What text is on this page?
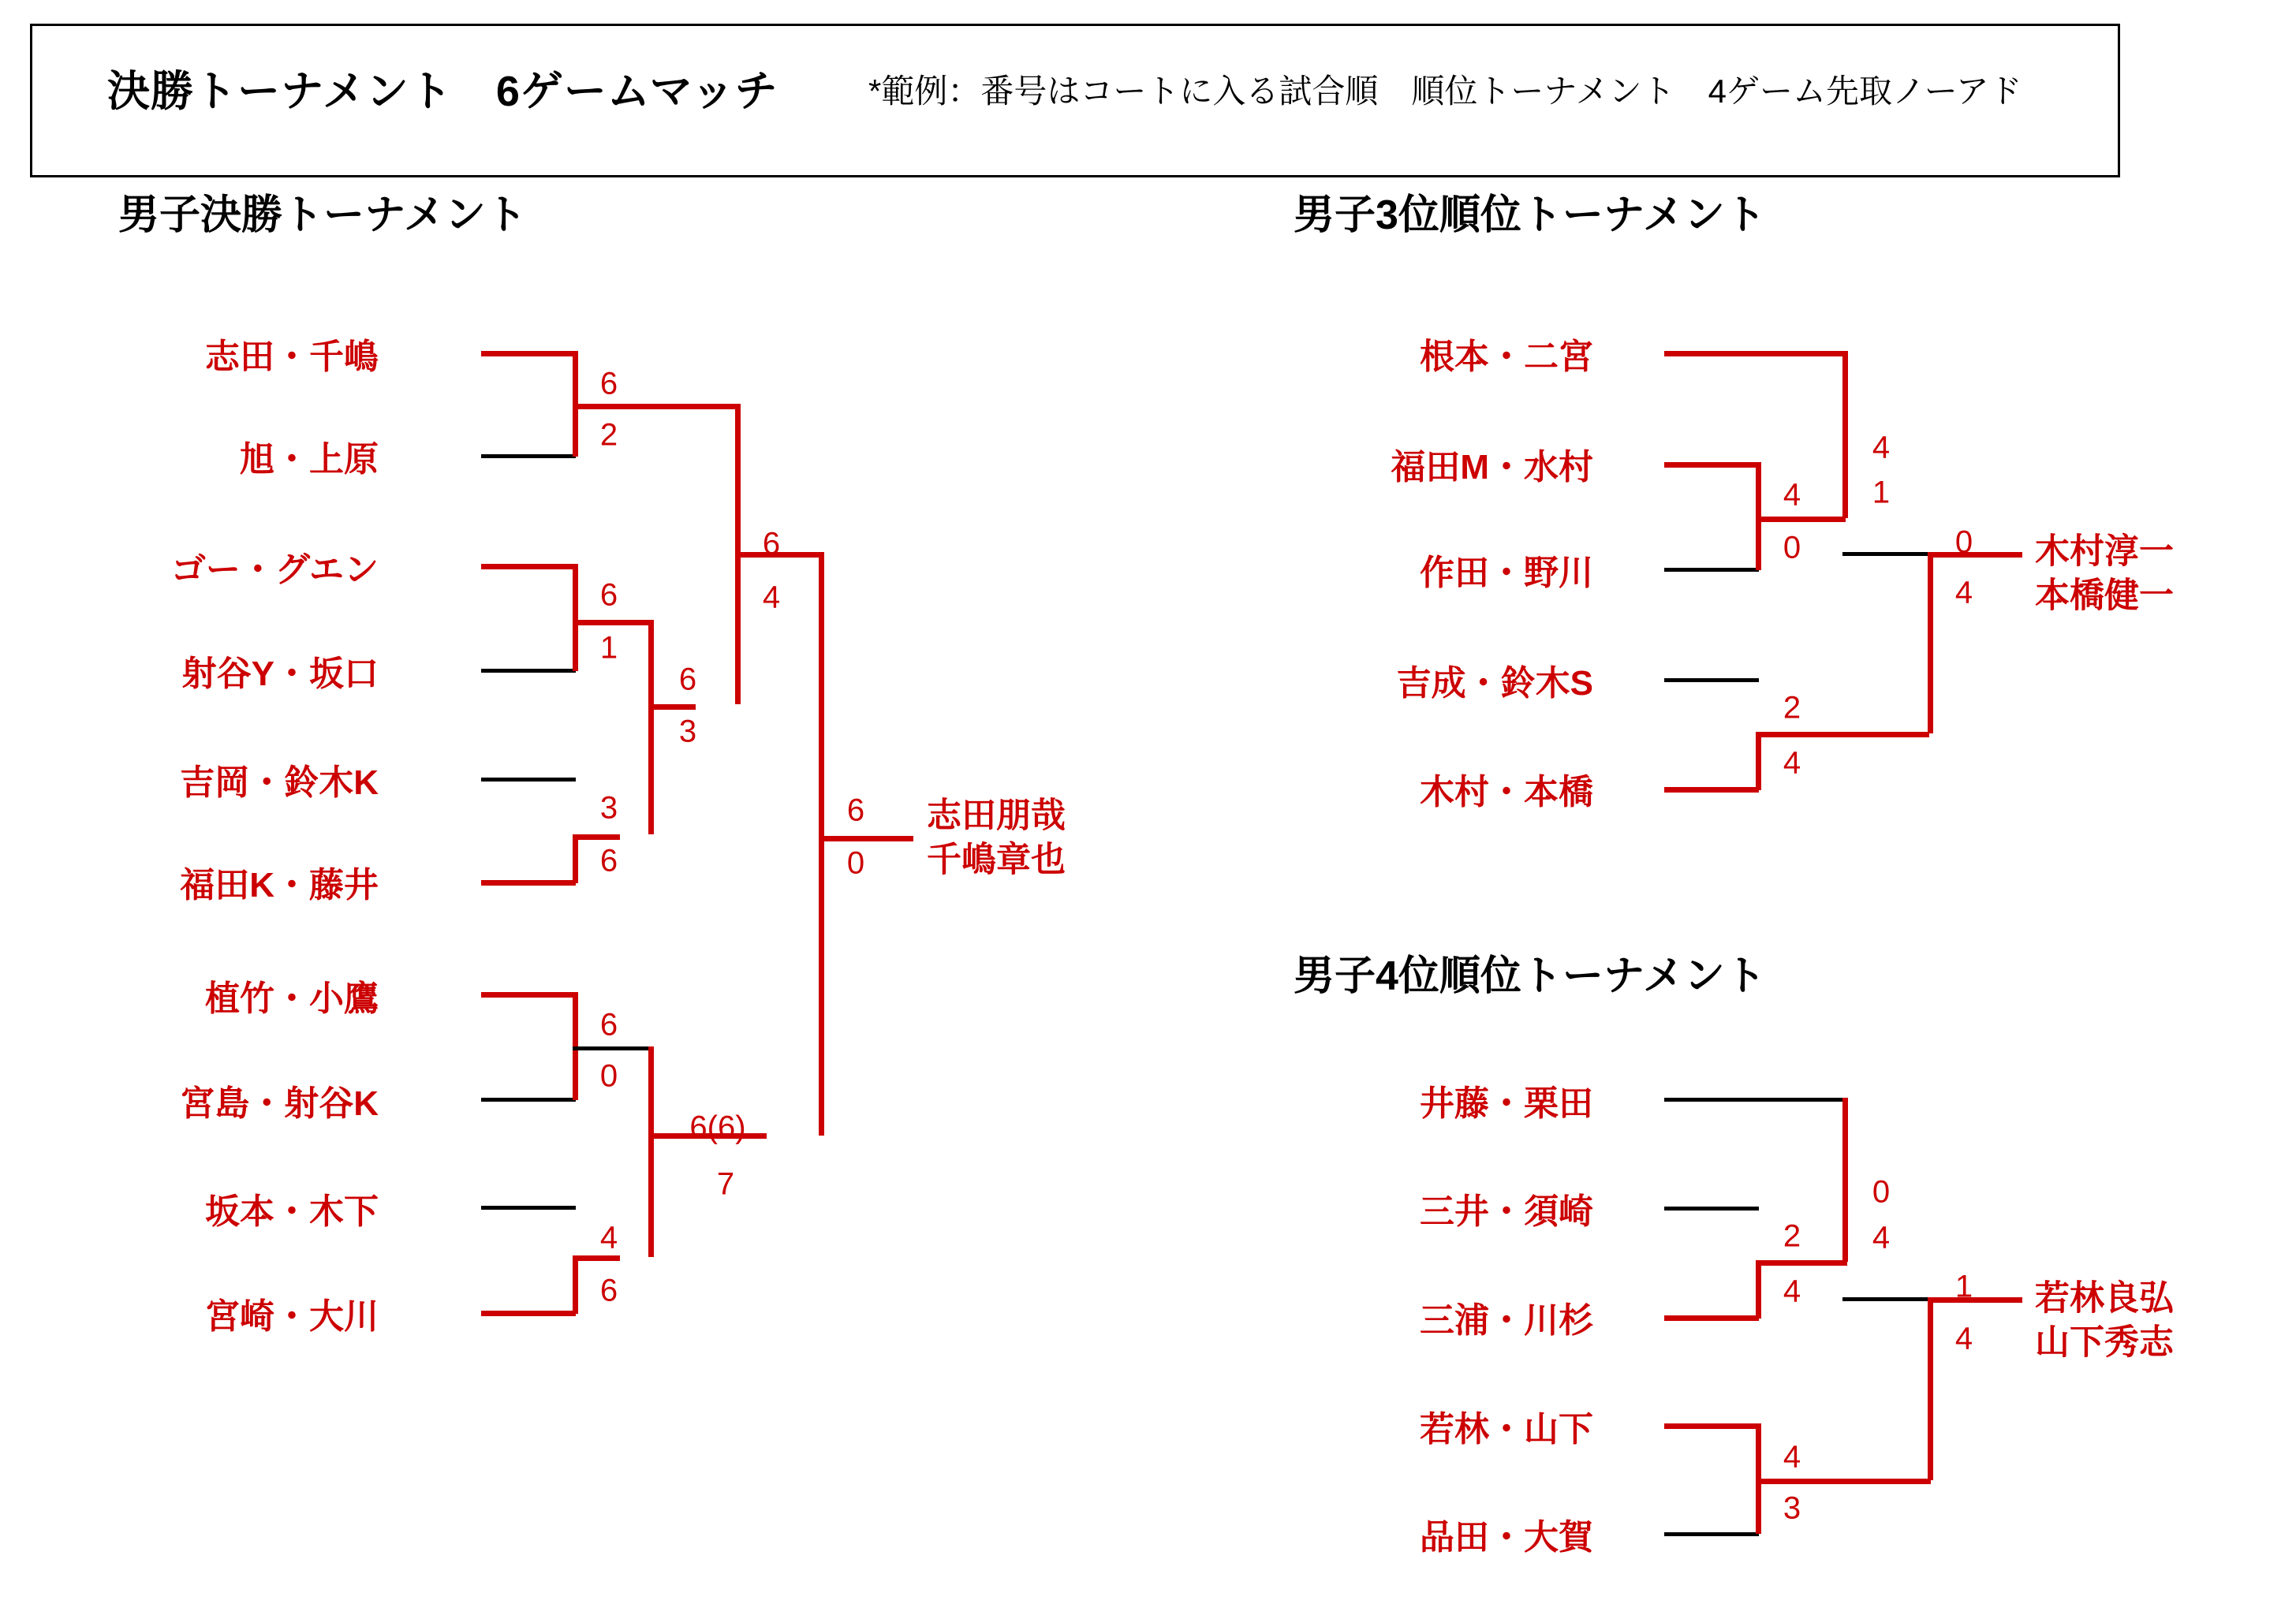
決勝トーナメント　6ゲームマッチ	*範例：番号はコートに入る試合順　順位トーナメント　4ゲーム先取ノーアド
男子決勝トーナメント
志田・千嶋
旭・上原
ゴー・グエン
射谷Y・坂口
吉岡・鈴木K
福田K・藤井
植竹・小鷹
宮島・射谷K
坂本・木下
宮崎・大川
6
2
6
1
3
6
6
0
4
6
6
3
6(6)
7
6
4
6
0
志田朋哉
千嶋章也
男子3位順位トーナメント
根本・二宮
福田M・水村
作田・野川
吉成・鈴木S
木村・本橋
4
0
4
1
2
4
0
4
木村淳一
本橋健一
男子4位順位トーナメント
井藤・栗田
三井・須崎
三浦・川杉
若林・山下
品田・大賀
2
4
0
4
4
3
1
4
若林良弘
山下秀志
